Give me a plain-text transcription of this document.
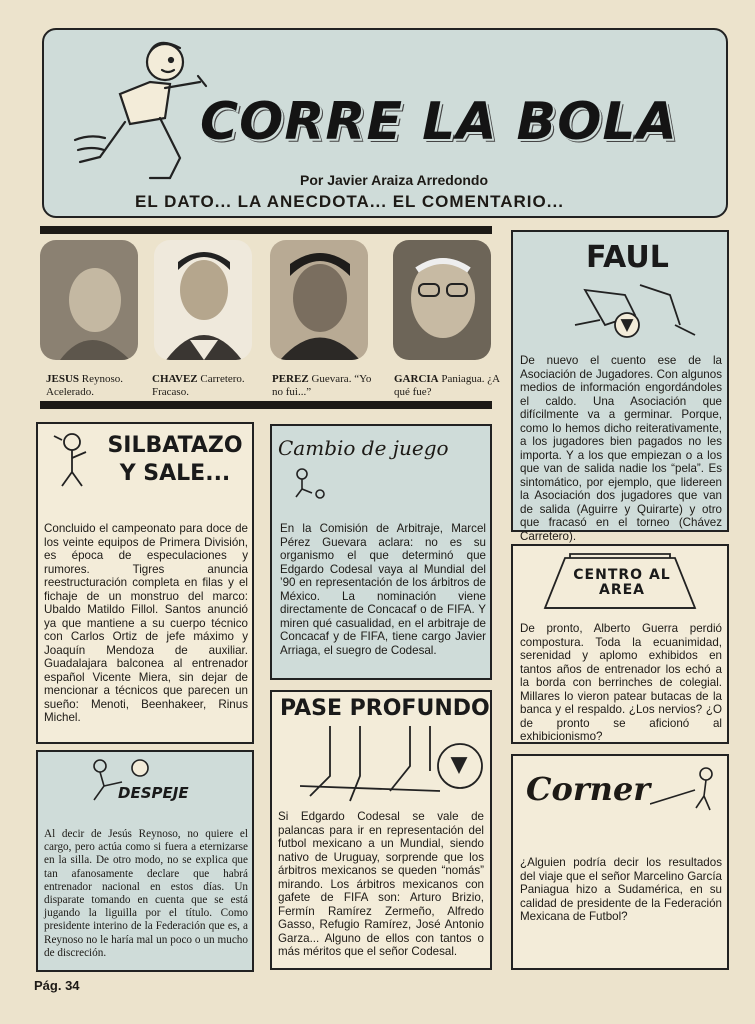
CORRE LA BOLA
Por Javier Araiza Arredondo
EL DATO... LA ANECDOTA... EL COMENTARIO...
JESUS Reynoso. Acelerado.
CHAVEZ Carretero. Fracaso.
PEREZ Guevara. “Yo no fui...”
GARCIA Paniagua. ¿A qué fue?
FAUL
De nuevo el cuento ese de la Asociación de Jugadores. Con algunos medios de información engordándoles el caldo. Una Asociación que difícilmente va a germinar. Porque, como lo hemos dicho reiterativamente, a los jugadores bien pagados no les importa. Y a los que empiezan o a los que van de salida nadie los “pela”. Es sintomático, por ejemplo, que lidereen la Asociación dos jugadores que van de salida (Aguirre y Quirarte) y otro que fracasó en el torneo (Chávez Carretero).
SILBATAZO Y SALE...
Concluido el campeonato para doce de los veinte equipos de Primera División, es época de especulaciones y rumores. Tigres anuncia reestructuración completa en filas y el fichaje de un monstruo del marco: Ubaldo Matildo Fillol. Santos anunció ya que mantiene a su cuerpo técnico con Carlos Ortiz de jefe máximo y Joaquín Mendoza de auxiliar. Guadalajara balconea al entrenador español Vicente Miera, sin dejar de mencionar a técnicos que parecen un sueño: Menoti, Beenhakeer, Rinus Michel.
Cambio de juego
En la Comisión de Arbitraje, Marcel Pérez Guevara aclara: no es su organismo el que determinó que Edgardo Codesal vaya al Mundial del ’90 en representación de los árbitros de México. La nominación viene directamente de Concacaf o de FIFA. Y miren qué casualidad, en el arbitraje de Concacaf y de FIFA, tiene cargo Javier Arriaga, el suegro de Codesal.
CENTRO AL AREA
De pronto, Alberto Guerra perdió compostura. Toda la ecuanimidad, serenidad y aplomo exhibidos en tantos años de entrenador los echó a la borda con berrinches de colegial. Millares lo vieron patear butacas de la banca y el respaldo. ¿Los nervios? ¿O de pronto se aficionó al exhibicionismo?
PASE PROFUNDO
Si Edgardo Codesal se vale de palancas para ir en representación del futbol mexicano a un Mundial, siendo nativo de Uruguay, sorprende que los árbitros mexicanos se queden “nomás” mirando. Los árbitros mexicanos con gafete de FIFA son: Arturo Brizio, Fermín Ramírez Zermeño, Alfredo Gasso, Refugio Ramírez, José Antonio Garza... Alguno de ellos con tantos o más méritos que el señor Codesal.
DESPEJE
Al decir de Jesús Reynoso, no quiere el cargo, pero actúa como si fuera a eternizarse en la silla. De otro modo, no se explica que tan afanosamente declare que habrá entrenador nacional en estos días. Un disparate tomando en cuenta que se está jugando la liguilla por el título. Como presidente interino de la Federación que es, a Reynoso no le haría mal un poco o un mucho de discreción.
Corner
¿Alguien podría decir los resultados del viaje que el señor Marcelino García Paniagua hizo a Sudamérica, en su calidad de presidente de la Federación Mexicana de Futbol?
Pág. 34
